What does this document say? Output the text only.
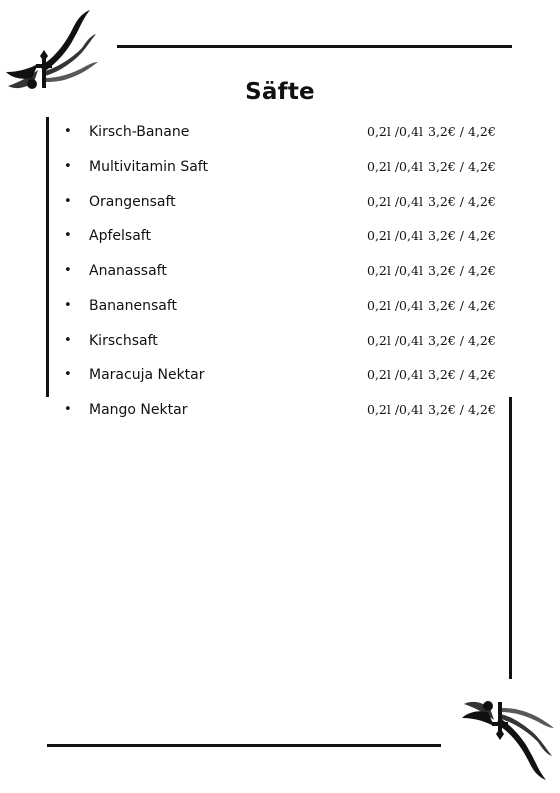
Säfte
• Kirsch-Banane	0,2l /0,4l 3,2€ / 4,2€
• Multivitamin Saft	0,2l /0,4l 3,2€ / 4,2€
• Orangensaft	0,2l /0,4l 3,2€ / 4,2€
• Apfelsaft	0,2l /0,4l 3,2€ / 4,2€
• Ananassaft	0,2l /0,4l 3,2€ / 4,2€
• Bananensaft	0,2l /0,4l 3,2€ / 4,2€
• Kirschsaft	0,2l /0,4l 3,2€ / 4,2€
• Maracuja Nektar	0,2l /0,4l 3,2€ / 4,2€
• Mango Nektar	0,2l /0,4l 3,2€ / 4,2€
